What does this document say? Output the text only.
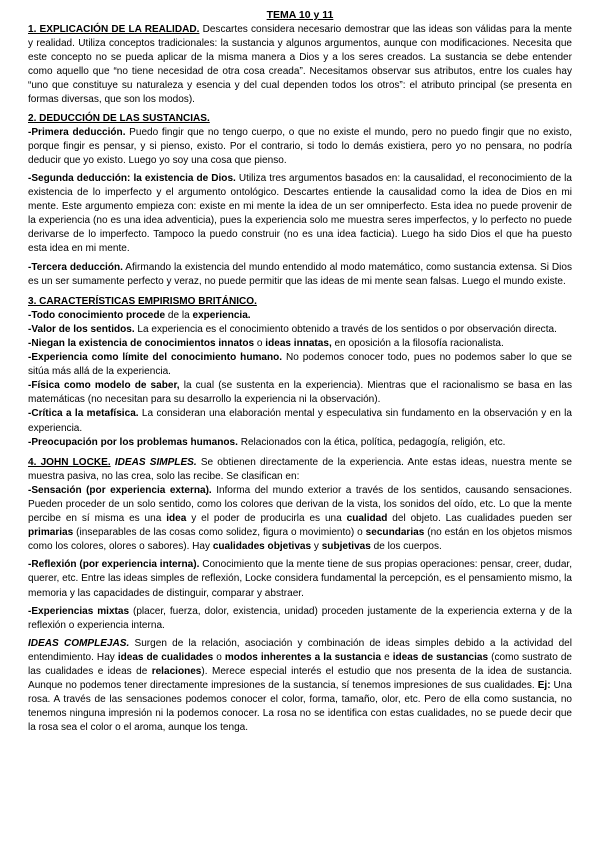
TEMA 10 y 11

1. EXPLICACIÓN DE LA REALIDAD. Descartes considera necesario demostrar que las ideas son válidas para la mente y realidad. Utiliza conceptos tradicionales: la sustancia y algunos argumentos, aunque con modificaciones. Necesita que este concepto no se pueda aplicar de la misma manera a Dios y a los seres creados. La sustancia se debe entender como aquello que “no tiene necesidad de otra cosa creada”. Necesitamos observar sus atributos, entre los cuales hay “uno que constituye su naturaleza y esencia y del cual dependen todos los otros”: el atributo principal (se presenta en formas diversas, que son los modos).

2. DEDUCCIÓN DE LAS SUSTANCIAS.

-Primera deducción. Puedo fingir que no tengo cuerpo, o que no existe el mundo, pero no puedo fingir que no existo, porque fingir es pensar, y si pienso, existo. Por el contrario, si todo lo demás existiera, pero yo no pensara, no podría deducir que yo existo. Luego yo soy una cosa que pienso.

-Segunda deducción: la existencia de Dios. Utiliza tres argumentos basados en: la causalidad, el reconocimiento de la existencia de lo imperfecto y el argumento ontológico. Descartes entiende la causalidad como la idea de Dios en mi mente. Este argumento empieza con: existe en mi mente la idea de un ser omniperfecto. Esta idea no puede provenir de la experiencia (no es una idea adventicia), pues la experiencia solo me muestra seres imperfectos, y lo perfecto no puede derivarse de lo imperfecto. Tampoco la puedo construir (no es una idea facticia). Luego ha sido Dios el que ha puesto esta idea en mi mente.

-Tercera deducción. Afirmando la existencia del mundo entendido al modo matemático, como sustancia extensa. Si Dios es un ser sumamente perfecto y veraz, no puede permitir que las ideas de mi mente sean falsas. Luego el mundo existe.

3. CARACTERÍSTICAS EMPIRISMO BRITÁNICO.

-Todo conocimiento procede de la experiencia.

-Valor de los sentidos. La experiencia es el conocimiento obtenido a través de los sentidos o por observación directa.

-Niegan la existencia de conocimientos innatos o ideas innatas, en oposición a la filosofía racionalista.

-Experiencia como límite del conocimiento humano. No podemos conocer todo, pues no podemos saber lo que se sitúa más allá de la experiencia.

-Física como modelo de saber, la cual (se sustenta en la experiencia). Mientras que el racionalismo se basa en las matemáticas (no necesitan para su desarrollo la experiencia ni la observación).

-Crítica a la metafísica. La consideran una elaboración mental y especulativa sin fundamento en la observación y en la experiencia.

-Preocupación por los problemas humanos. Relacionados con la ética, política, pedagogía, religión, etc.

4. JOHN LOCKE. IDEAS SIMPLES. Se obtienen directamente de la experiencia. Ante estas ideas, nuestra mente se muestra pasiva, no las crea, solo las recibe. Se clasifican en:

-Sensación (por experiencia externa). Informa del mundo exterior a través de los sentidos, causando sensaciones. Pueden proceder de un solo sentido, como los colores que derivan de la vista, los sonidos del oído, etc. Lo que la mente percibe en sí misma es una idea y el poder de producirla es una cualidad del objeto. Las cualidades pueden ser primarias (inseparables de las cosas como solidez, figura o movimiento) o secundarias (no están en los objetos mismos como los colores, olores o sabores). Hay cualidades objetivas y subjetivas de los cuerpos.

-Reflexión (por experiencia interna). Conocimiento que la mente tiene de sus propias operaciones: pensar, creer, dudar, querer, etc. Entre las ideas simples de reflexión, Locke considera fundamental la percepción, es el pensamiento mismo, la memoria y las capacidades de distinguir, comparar y abstraer.

-Experiencias mixtas (placer, fuerza, dolor, existencia, unidad) proceden justamente de la experiencia externa y de la reflexión o experiencia interna.

IDEAS COMPLEJAS. Surgen de la relación, asociación y combinación de ideas simples debido a la actividad del entendimiento. Hay ideas de cualidades o modos inherentes a la sustancia e ideas de sustancias (como sustrato de las cualidades e ideas de relaciones). Merece especial interés el estudio que nos presenta de la idea de sustancia. Aunque no podemos tener directamente impresiones de la sustancia, sí tenemos impresiones de sus cualidades. Ej: Una rosa. A través de las sensaciones podemos conocer el color, forma, tamaño, olor, etc. Pero de ella como sustancia, no tenemos ninguna impresión ni la podemos conocer. La rosa no se identifica con estas cualidades, no se puede decir que la rosa sea el color o el aroma, aunque los tenga.
